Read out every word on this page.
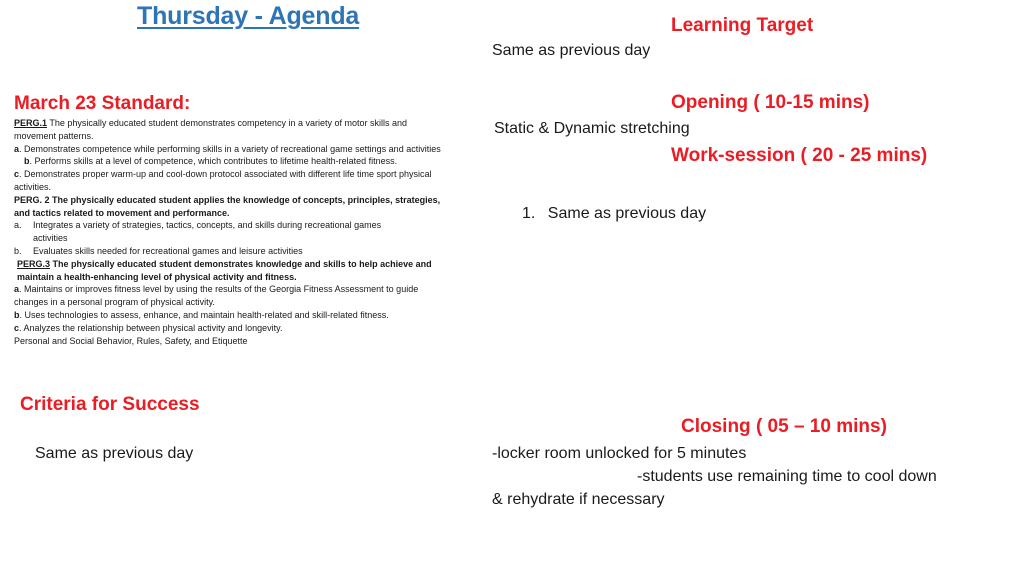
Thursday - Agenda	Learning Target
Same as previous day
March 23 Standard:
PERG.1 The physically educated student demonstrates competency in a variety of motor skills and movement patterns.
a. Demonstrates competence while performing skills in a variety of recreational game settings and activities
b. Performs skills at a level of competence, which contributes to lifetime health-related fitness.
c. Demonstrates proper warm-up and cool-down protocol associated with different life time sport physical activities.
PERG. 2 The physically educated student applies the knowledge of concepts, principles, strategies, and tactics related to movement and performance.
a.	Integrates a variety of strategies, tactics, concepts, and skills during recreational games
activities
b.	Evaluates skills needed for recreational games and leisure activities
PERG.3 The physically educated student demonstrates knowledge and skills to help achieve and maintain a health-enhancing level of physical activity and fitness.
a. Maintains or improves fitness level by using the results of the Georgia Fitness Assessment to guide changes in a personal program of physical activity.
b. Uses technologies to assess, enhance, and maintain health-related and skill-related fitness.
c. Analyzes the relationship between physical activity and longevity.
Personal and Social Behavior, Rules, Safety, and Etiquette
Opening ( 10-15 mins)
Static & Dynamic stretching
Work-session ( 20 - 25 mins)
1. Same as previous day
Criteria for Success
Same as previous day
Closing ( 05 – 10 mins)
-locker room unlocked for 5 minutes
-students use remaining time to cool down
& rehydrate if necessary
